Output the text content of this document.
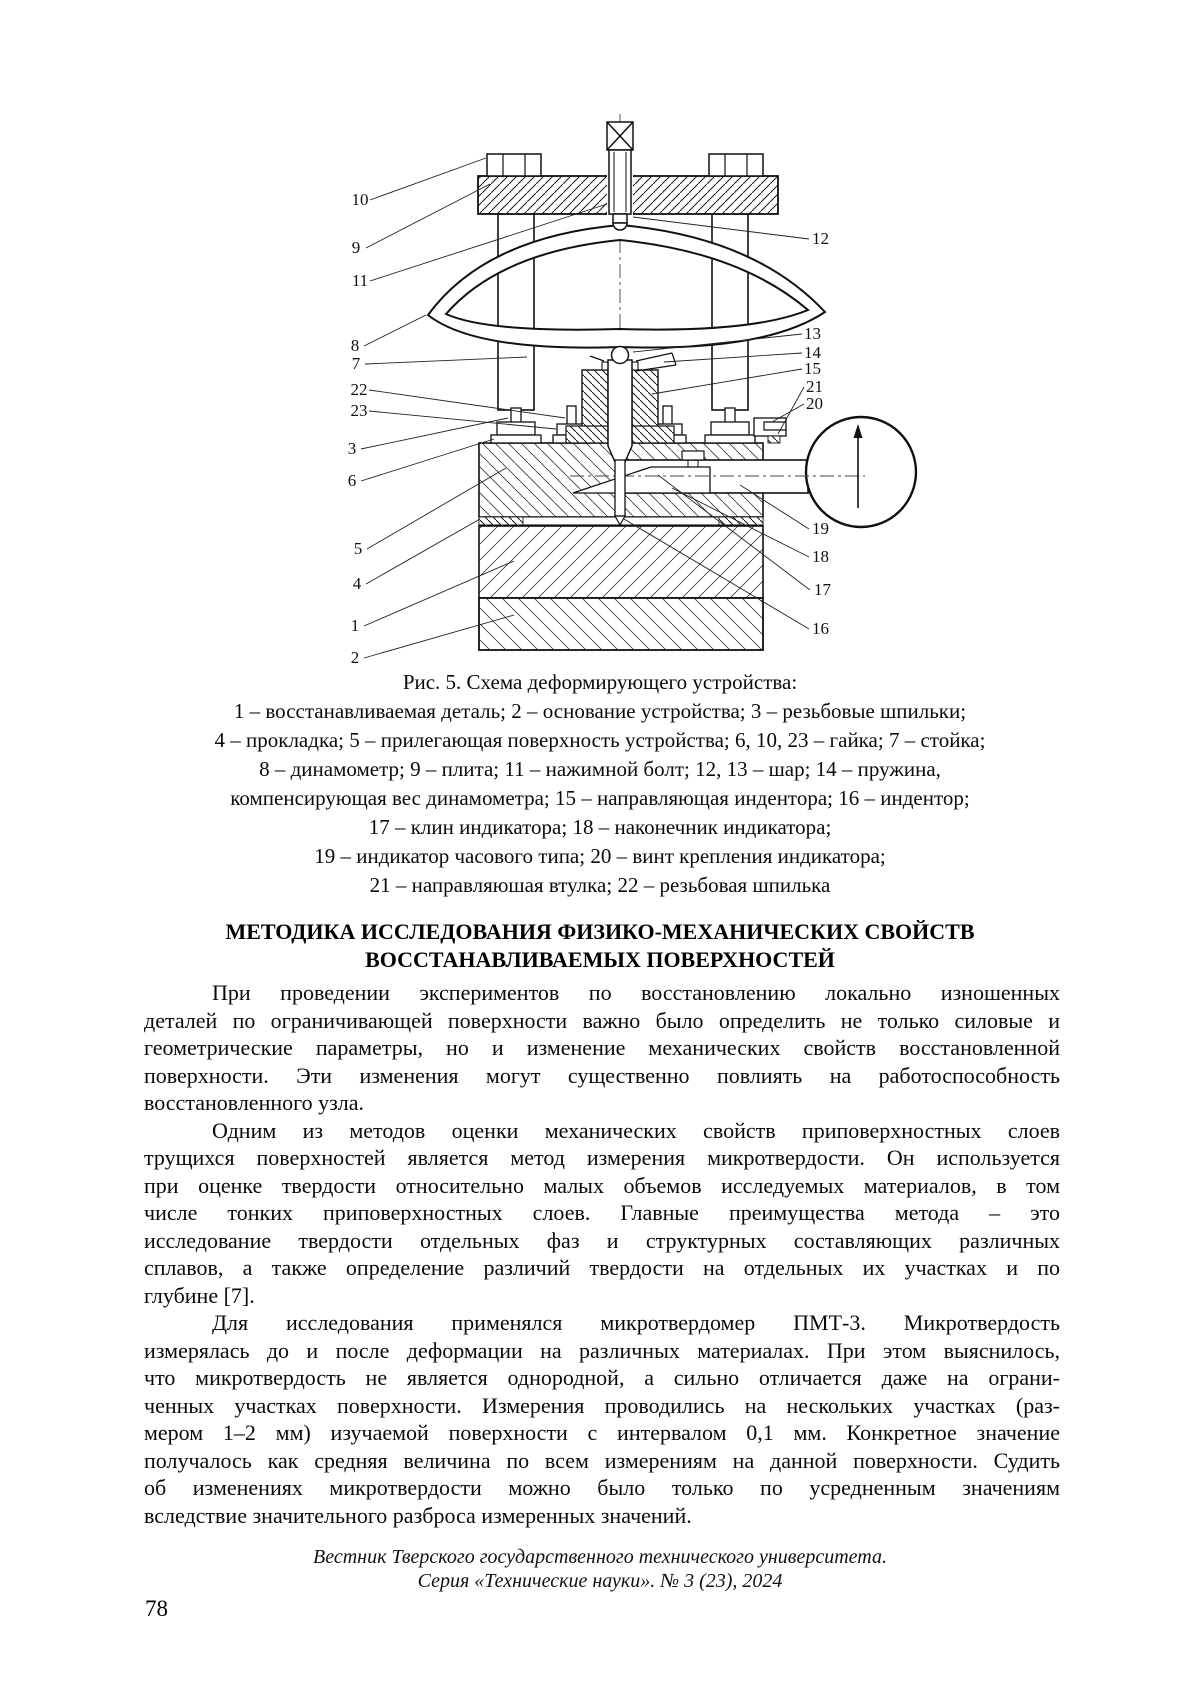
10
9
11
8
7
22
23
3
6
5
4
1
2
12
13
14
15
21
20
19
18
17
16
Рис. 5. Схема деформирующего устройства:
1 – восстанавливаемая деталь; 2 – основание устройства; 3 – резьбовые шпильки;
4 – прокладка; 5 – прилегающая поверхность устройства; 6, 10, 23 – гайка; 7 – стойка;
8 – динамометр; 9 – плита; 11 – нажимной болт; 12, 13 – шар; 14 – пружина,
компенсирующая вес динамометра; 15 – направляющая индентора; 16 – индентор;
17 – клин индикатора; 18 – наконечник индикатора;
19 – индикатор часового типа; 20 – винт крепления индикатора;
21 – направляюшая втулка; 22 – резьбовая шпилька
МЕТОДИКА ИССЛЕДОВАНИЯ ФИЗИКО-МЕХАНИЧЕСКИХ СВОЙСТВ
ВОССТАНАВЛИВАЕМЫХ ПОВЕРХНОСТЕЙ
При проведении экспериментов по восстановлению локально изношенных
деталей по ограничивающей поверхности важно было определить не только силовые и
геометрические параметры, но и изменение механических свойств восстановленной
поверхности. Эти изменения могут существенно повлиять на работоспособность
восстановленного узла.
Одним из методов оценки механических свойств приповерхностных слоев
трущихся поверхностей является метод измерения микротвердости. Он используется
при оценке твердости относительно малых объемов исследуемых материалов, в том
числе тонких приповерхностных слоев. Главные преимущества метода – это
исследование твердости отдельных фаз и структурных составляющих различных
сплавов, а также определение различий твердости на отдельных их участках и по
глубине [7].
Для исследования применялся микротвердомер ПМТ-3. Микротвердость
измерялась до и после деформации на различных материалах. При этом выяснилось,
что микротвердость не является однородной, а сильно отличается даже на ограни-
ченных участках поверхности. Измерения проводились на нескольких участках (раз-
мером 1–2 мм) изучаемой поверхности с интервалом 0,1 мм. Конкретное значение
получалось как средняя величина по всем измерениям на данной поверхности. Судить
об изменениях микротвердости можно было только по усредненным значениям
вследствие значительного разброса измеренных значений.
Вестник Тверского государственного технического университета.
Серия «Технические науки». № 3 (23), 2024
78
